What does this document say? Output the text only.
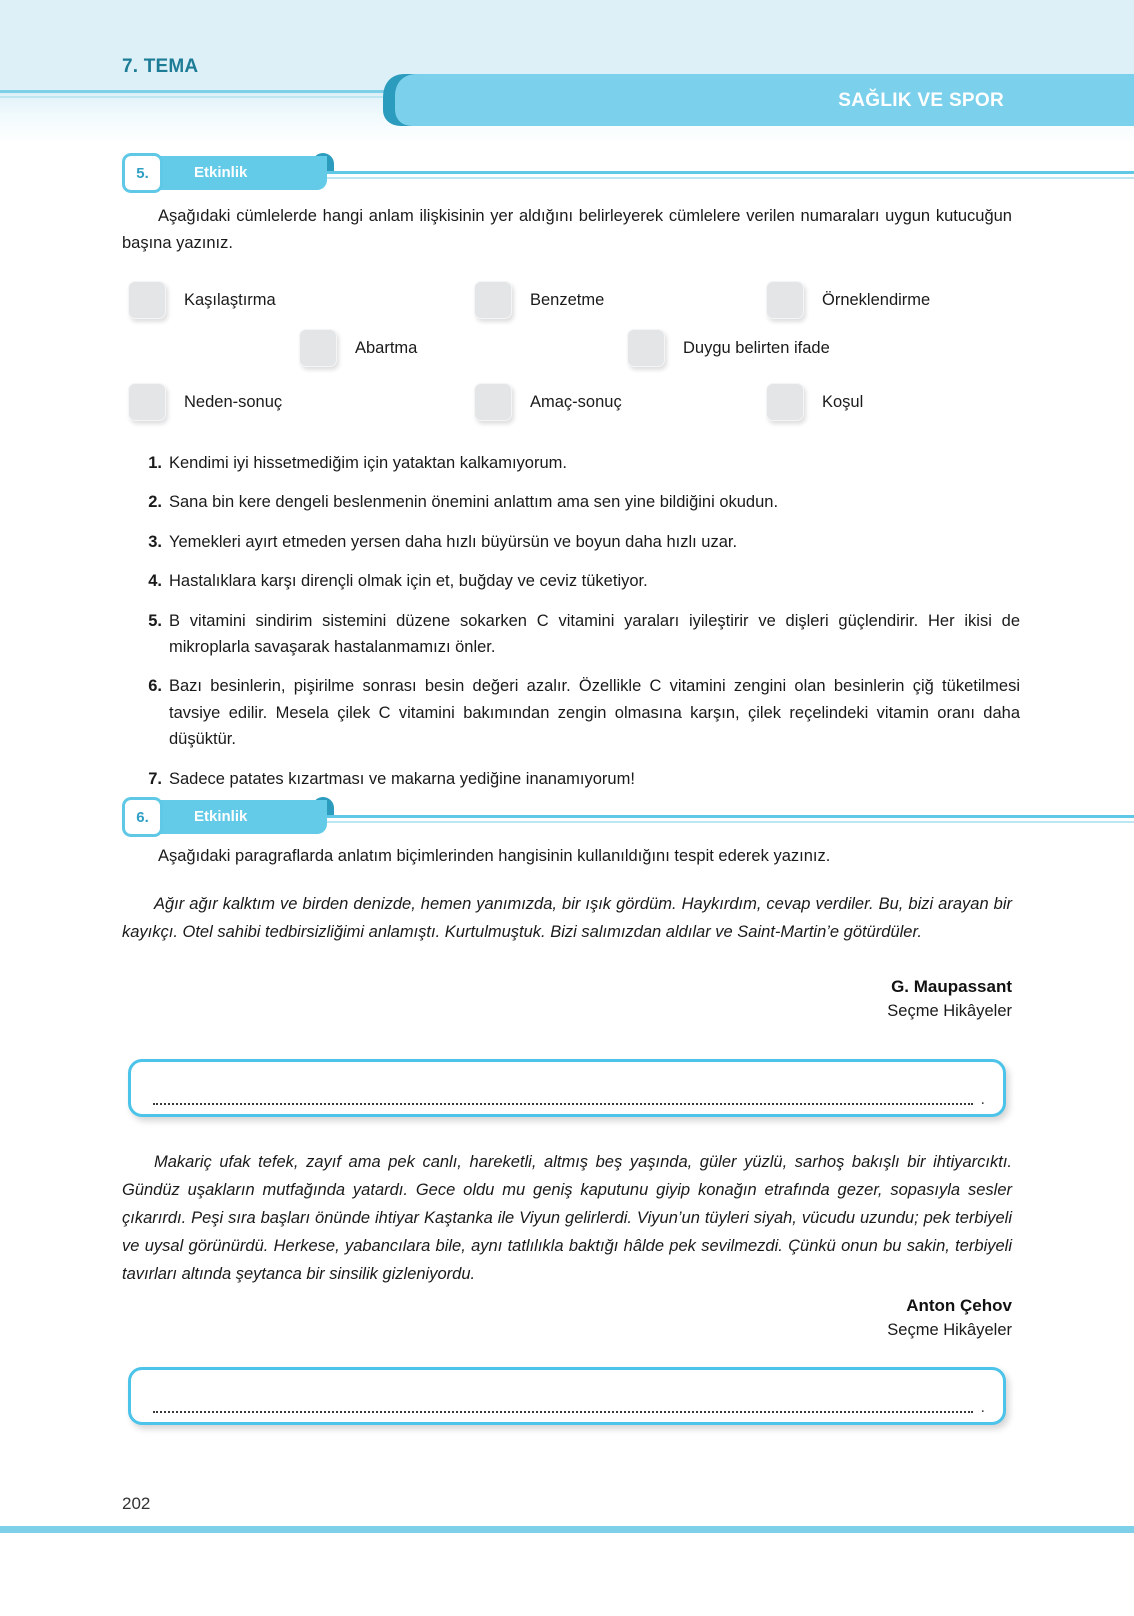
7. TEMA
SAĞLIK VE SPOR
5.	Etkinlik
Aşağıdaki cümlelerde hangi anlam ilişkisinin yer aldığını belirleyerek cümlelere verilen numaraları uygun kutucuğun başına yazınız.
Kaşılaştırma	Benzetme	Örneklendirme
Abartma	Duygu belirten ifade
Neden-sonuç	Amaç-sonuç	Koşul
1. Kendimi iyi hissetmediğim için yataktan kalkamıyorum.
2. Sana bin kere dengeli beslenmenin önemini anlattım ama sen yine bildiğini okudun.
3. Yemekleri ayırt etmeden yersen daha hızlı büyürsün ve boyun daha hızlı uzar.
4. Hastalıklara karşı dirençli olmak için et, buğday ve ceviz tüketiyor.
5. B vitamini sindirim sistemini düzene sokarken C vitamini yaraları iyileştirir ve dişleri güçlendirir. Her ikisi de mikroplarla savaşarak hastalanmamızı önler.
6. Bazı besinlerin, pişirilme sonrası besin değeri azalır. Özellikle C vitamini zengini olan besinlerin çiğ tüketilmesi tavsiye edilir. Mesela çilek C vitamini bakımından zengin olmasına karşın, çilek reçelindeki vitamin oranı daha düşüktür.
7. Sadece patates kızartması ve makarna yediğine inanamıyorum!
6.	Etkinlik
Aşağıdaki paragraflarda anlatım biçimlerinden hangisinin kullanıldığını tespit ederek yazınız.
Ağır ağır kalktım ve birden denizde, hemen yanımızda, bir ışık gördüm. Haykırdım, cevap verdiler. Bu, bizi arayan bir kayıkçı. Otel sahibi tedbirsizliğimi anlamıştı. Kurtulmuştuk. Bizi salımızdan aldılar ve Saint-Martin’e götürdüler.
G. Maupassant
Seçme Hikâyeler
.
Makariç ufak tefek, zayıf ama pek canlı, hareketli, altmış beş yaşında, güler yüzlü, sarhoş bakışlı bir ihtiyarcıktı. Gündüz uşakların mutfağında yatardı. Gece oldu mu geniş kaputunu giyip konağın etrafında gezer, sopasıyla sesler çıkarırdı. Peşi sıra başları önünde ihtiyar Kaştanka ile Viyun gelirlerdi. Viyun’un tüyleri siyah, vücudu uzundu; pek terbiyeli ve uysal görünürdü. Herkese, yabancılara bile, aynı tatlılıkla baktığı hâlde pek sevilmezdi. Çünkü onun bu sakin, terbiyeli tavırları altında şeytanca bir sinsilik gizleniyordu.
Anton Çehov
Seçme Hikâyeler
.
202
